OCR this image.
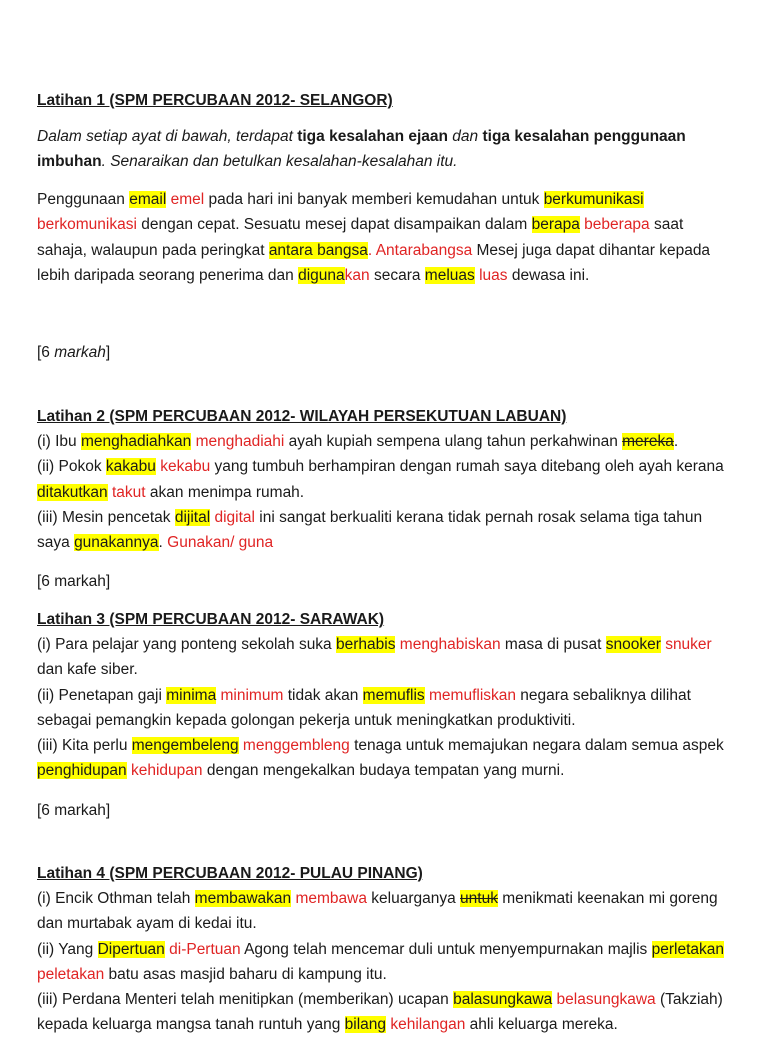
Latihan 1 (SPM PERCUBAAN 2012- SELANGOR)
Dalam setiap ayat di bawah, terdapat tiga kesalahan ejaan dan tiga kesalahan penggunaan imbuhan. Senaraikan dan betulkan kesalahan-kesalahan itu.
Penggunaan email emel pada hari ini banyak memberi kemudahan untuk berkumunikasi berkomunikasi dengan cepat. Sesuatu mesej dapat disampaikan dalam berapa beberapa saat sahaja, walaupun pada peringkat antara bangsa. Antarabangsa Mesej juga dapat dihantar kepada lebih daripada seorang penerima dan digunakan secara meluas luas dewasa ini.
[6 markah]
Latihan 2 (SPM PERCUBAAN 2012- WILAYAH PERSEKUTUAN LABUAN)
(i) Ibu menghadiahkan menghadiahi ayah kupiah sempena ulang tahun perkahwinan mereka.
(ii) Pokok kakabu kekabu yang tumbuh berhampiran dengan rumah saya ditebang oleh ayah kerana ditakutkan takut akan menimpa rumah.
(iii) Mesin pencetak dijital digital ini sangat berkualiti kerana tidak pernah rosak selama tiga tahun saya gunakannya. Gunakan/ guna
[6 markah]
Latihan 3 (SPM PERCUBAAN 2012- SARAWAK)
(i) Para pelajar yang ponteng sekolah suka berhabis menghabiskan masa di pusat snooker snuker dan kafe siber.
(ii) Penetapan gaji minima minimum tidak akan memuflis memufliskan negara sebaliknya dilihat sebagai pemangkin kepada golongan pekerja untuk meningkatkan produktiviti.
(iii) Kita perlu mengembeleng menggembleng tenaga untuk memajukan negara dalam semua aspek penghidupan kehidupan dengan mengekalkan budaya tempatan yang murni.
[6 markah]
Latihan 4 (SPM PERCUBAAN 2012- PULAU PINANG)
(i) Encik Othman telah membawakan membawa keluarganya untuk menikmati keenakan mi goreng dan murtabak ayam di kedai itu.
(ii) Yang Dipertuan di-Pertuan Agong telah mencemar duli untuk menyempurnakan majlis perletakan peletakan batu asas masjid baharu di kampung itu.
(iii) Perdana Menteri telah menitipkan (memberikan) ucapan balasungkawa belasungkawa (Takziah) kepada keluarga mangsa tanah runtuh yang bilang kehilangan ahli keluarga mereka.
